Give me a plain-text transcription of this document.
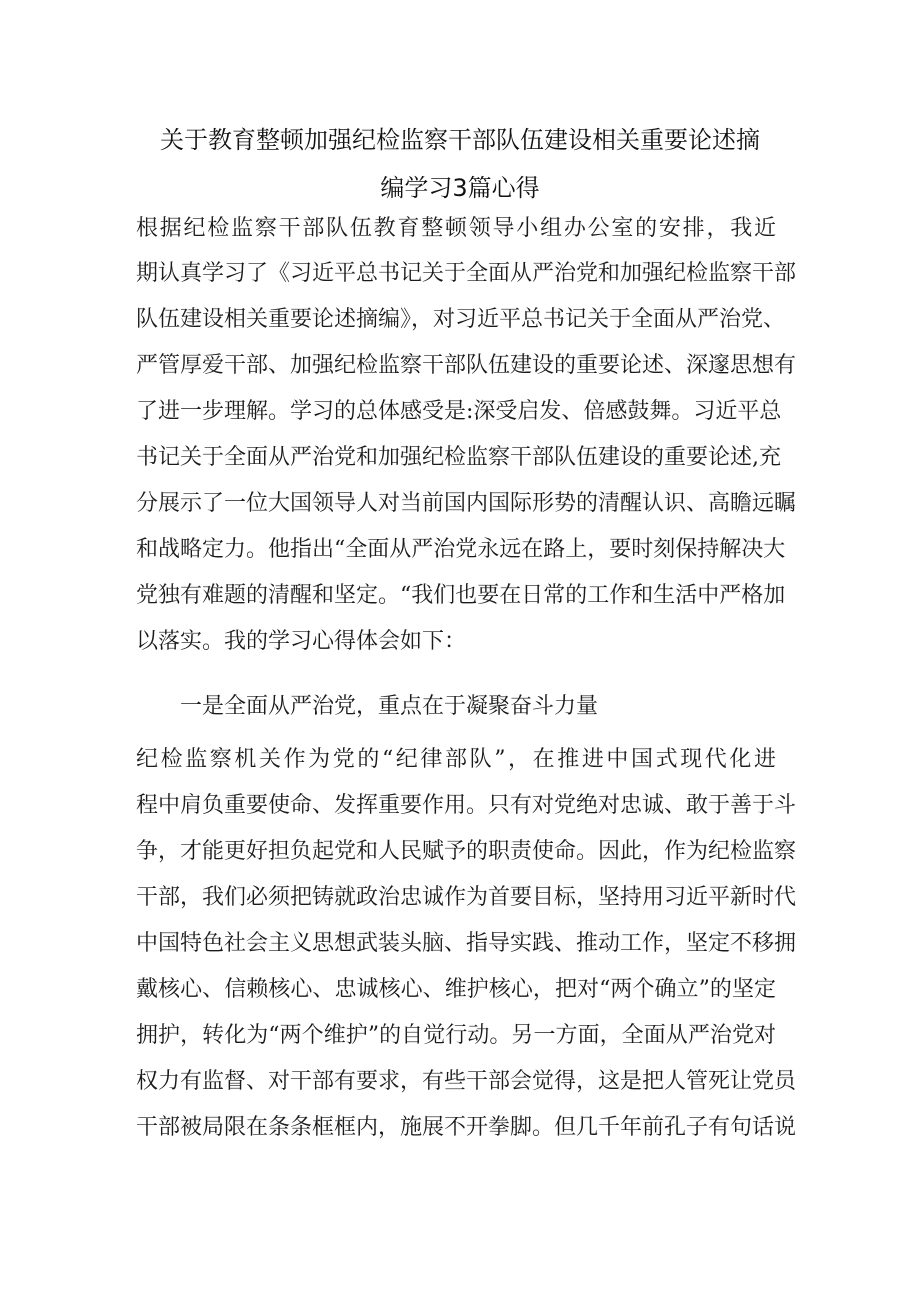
关于教育整顿加强纪检监察干部队伍建设相关重要论述摘
编学习3篇心得
根据纪检监察干部队伍教育整顿领导小组办公室的安排，我近
期认真学习了《习近平总书记关于全面从严治党和加强纪检监察干部
队伍建设相关重要论述摘编》，对习近平总书记关于全面从严治党、
严管厚爱干部、加强纪检监察干部队伍建设的重要论述、深邃思想有
了进一步理解。学习的总体感受是:深受启发、倍感鼓舞。习近平总
书记关于全面从严治党和加强纪检监察干部队伍建设的重要论述,充
分展示了一位大国领导人对当前国内国际形势的清醒认识、高瞻远瞩
和战略定力。他指出“全面从严治党永远在路上，要时刻保持解决大
党独有难题的清醒和坚定。“我们也要在日常的工作和生活中严格加
以落实。我的学习心得体会如下：
一是全面从严治党，重点在于凝聚奋斗力量
纪检监察机关作为党的“纪律部队”，在推进中国式现代化进
程中肩负重要使命、发挥重要作用。只有对党绝对忠诚、敢于善于斗
争，才能更好担负起党和人民赋予的职责使命。因此，作为纪检监察
干部，我们必须把铸就政治忠诚作为首要目标，坚持用习近平新时代
中国特色社会主义思想武装头脑、指导实践、推动工作，坚定不移拥
戴核心、信赖核心、忠诚核心、维护核心，把对“两个确立”的坚定
拥护，转化为“两个维护”的自觉行动。另一方面，全面从严治党对
权力有监督、对干部有要求，有些干部会觉得，这是把人管死让党员
干部被局限在条条框框内，施展不开拳脚。但几千年前孔子有句话说
